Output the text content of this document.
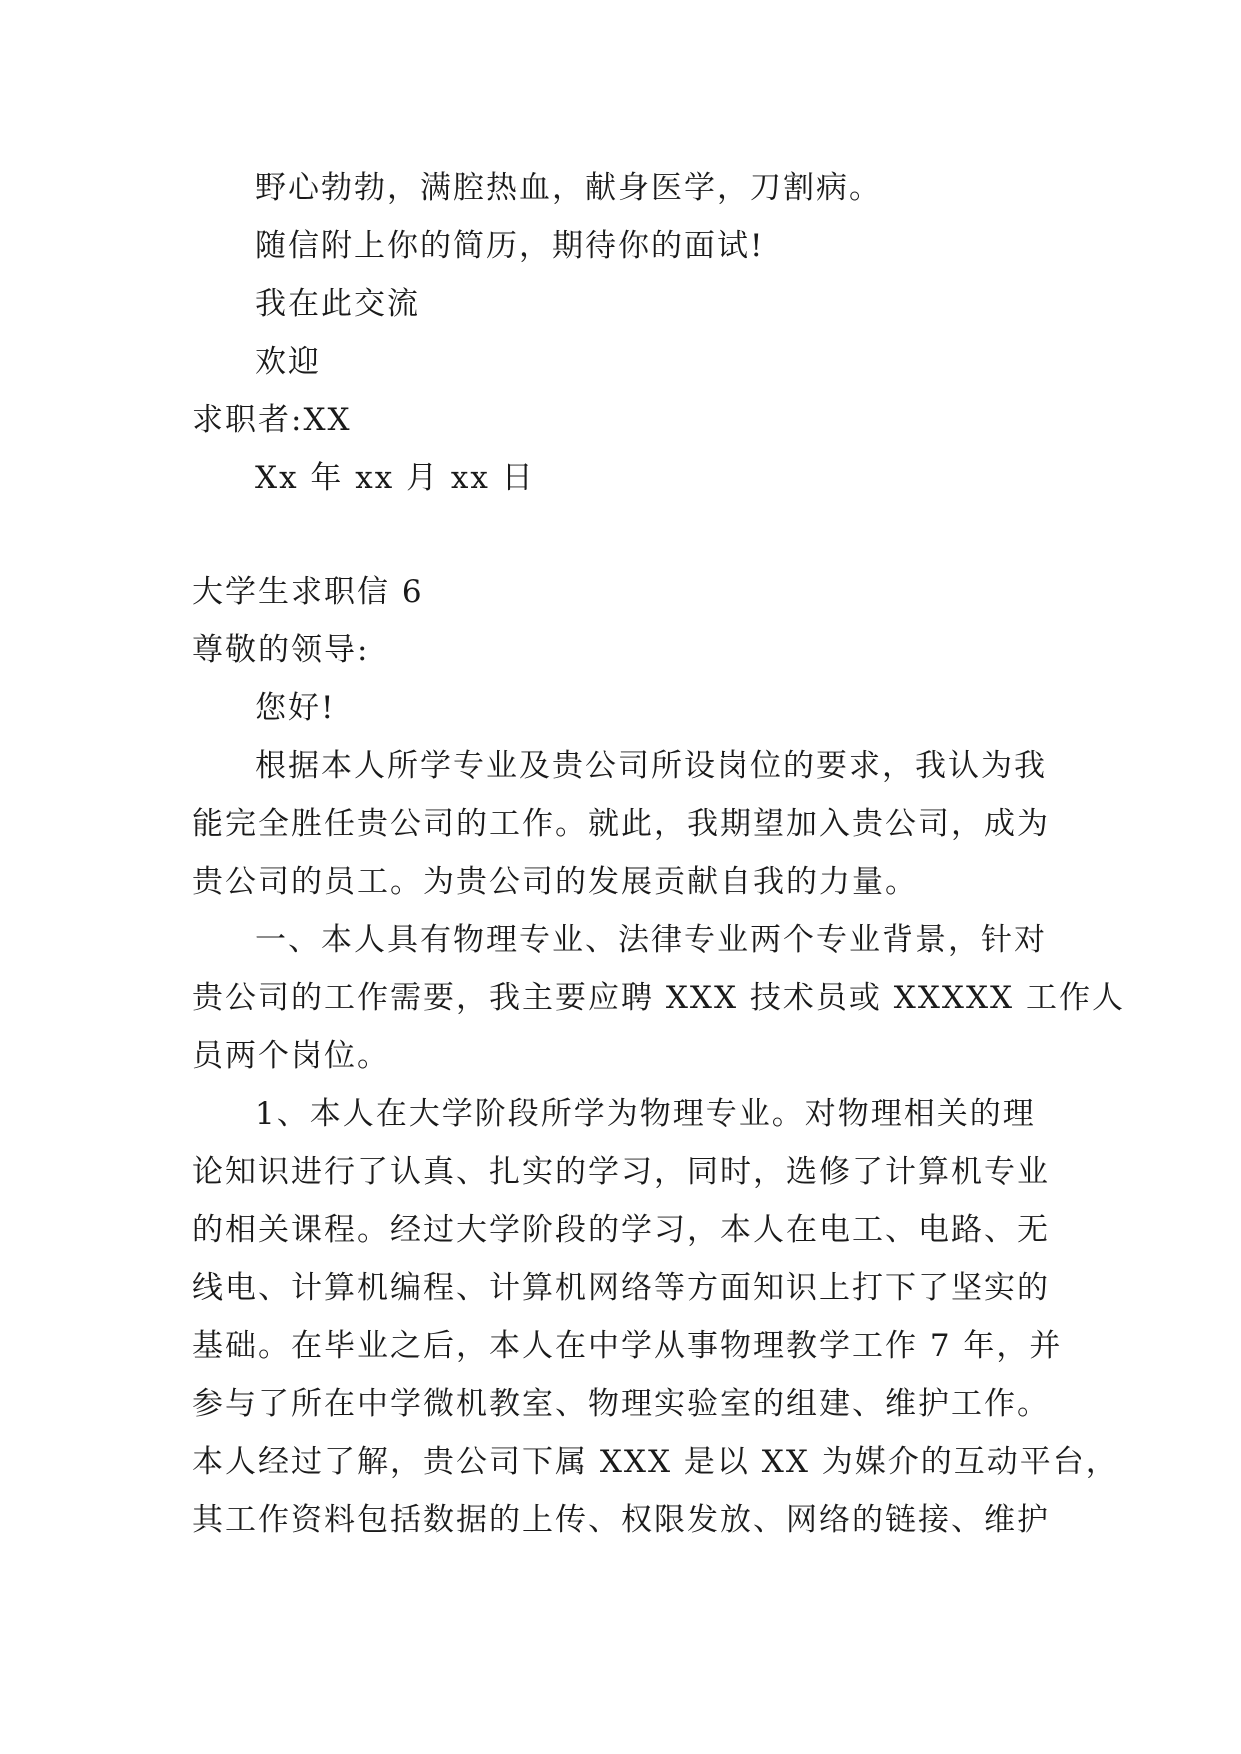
野心勃勃，满腔热血，献身医学，刀割病。

随信附上你的简历，期待你的面试!

我在此交流

欢迎

求职者:XX

Xx 年 xx 月 xx 日

大学生求职信 6

尊敬的领导:

您好!

根据本人所学专业及贵公司所设岗位的要求，我认为我

能完全胜任贵公司的工作。就此，我期望加入贵公司，成为

贵公司的员工。为贵公司的发展贡献自我的力量。

一、本人具有物理专业、法律专业两个专业背景，针对

贵公司的工作需要，我主要应聘 XXX 技术员或 XXXXX 工作人

员两个岗位。

1、本人在大学阶段所学为物理专业。对物理相关的理

论知识进行了认真、扎实的学习，同时，选修了计算机专业

的相关课程。经过大学阶段的学习，本人在电工、电路、无

线电、计算机编程、计算机网络等方面知识上打下了坚实的

基础。在毕业之后，本人在中学从事物理教学工作 7 年，并

参与了所在中学微机教室、物理实验室的组建、维护工作。

本人经过了解，贵公司下属 XXX 是以 XX 为媒介的互动平台，

其工作资料包括数据的上传、权限发放、网络的链接、维护
